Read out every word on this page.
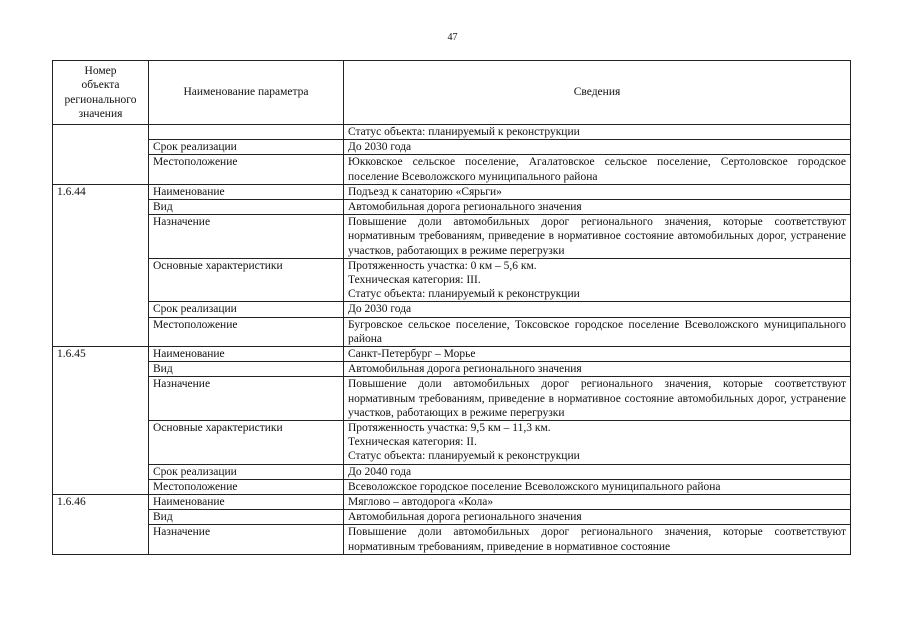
47
Номер
объекта
регионального
значения	Наименование параметра	Сведения

		Статус объекта: планируемый к реконструкции

	Срок реализации	До 2030 года

	Местоположение	Юкковское сельское поселение, Агалатовское сельское поселение, Сертоловское городское поселение Всеволожского муниципального района

1.6.44	Наименование	Подъезд к санаторию «Сярьги»

	Вид	Автомобильная дорога регионального значения

	Назначение	Повышение доли автомобильных дорог регионального значения, которые соответствуют нормативным требованиям, приведение в нормативное состояние автомобильных дорог, устранение участков, работающих в режиме перегрузки

	Основные характеристики	Протяженность участка: 0 км – 5,6 км.
Техническая категория: III.
Статус объекта: планируемый к реконструкции

	Срок реализации	До 2030 года

	Местоположение	Бугровское сельское поселение, Токсовское городское поселение Всеволожского муниципального района

1.6.45	Наименование	Санкт-Петербург – Морье

	Вид	Автомобильная дорога регионального значения

	Назначение	Повышение доли автомобильных дорог регионального значения, которые соответствуют нормативным требованиям, приведение в нормативное состояние автомобильных дорог, устранение участков, работающих в режиме перегрузки

	Основные характеристики	Протяженность участка: 9,5 км – 11,3 км.
Техническая категория: II.
Статус объекта: планируемый к реконструкции

	Срок реализации	До 2040 года

	Местоположение	Всеволожское городское поселение Всеволожского муниципального района

1.6.46	Наименование	Мяглово – автодорога «Кола»

	Вид	Автомобильная дорога регионального значения

	Назначение	Повышение доли автомобильных дорог регионального значения, которые соответствуют нормативным требованиям, приведение в нормативное состояние
